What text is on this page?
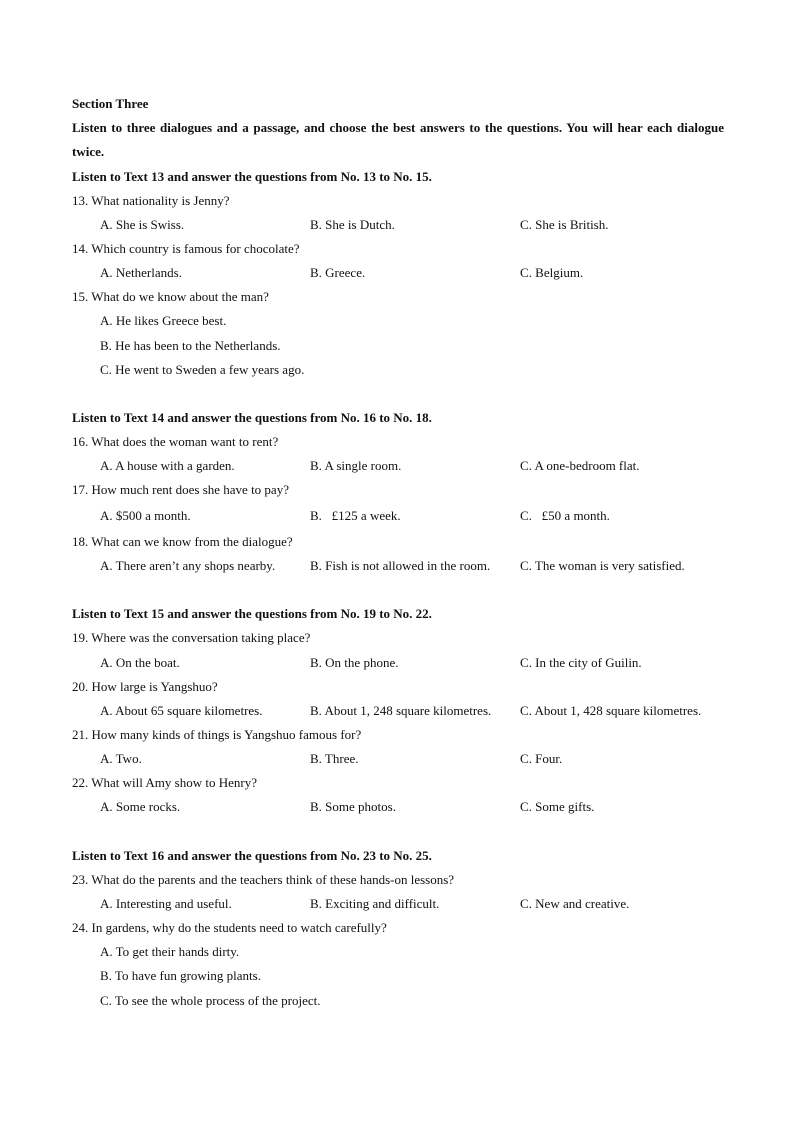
Section Three
Listen to three dialogues and a passage, and choose the best answers to the questions. You will hear each dialogue twice.
Listen to Text 13 and answer the questions from No. 13 to No. 15.
13. What nationality is Jenny?
A. She is Swiss.	B. She is Dutch.	C. She is British.
14. Which country is famous for chocolate?
A. Netherlands.	B. Greece.	C. Belgium.
15. What do we know about the man?
A. He likes Greece best.
B. He has been to the Netherlands.
C. He went to Sweden a few years ago.
Listen to Text 14 and answer the questions from No. 16 to No. 18.
16. What does the woman want to rent?
A. A house with a garden.	B. A single room.	C. A one-bedroom flat.
17. How much rent does she have to pay?
A. $500 a month.	B.   £125 a week.	C.   £50 a month.
18. What can we know from the dialogue?
A. There aren’t any shops nearby.	B. Fish is not allowed in the room. C. The woman is very satisfied.
Listen to Text 15 and answer the questions from No. 19 to No. 22.
19. Where was the conversation taking place?
A. On the boat.	B. On the phone.	C. In the city of Guilin.
20. How large is Yangshuo?
A. About 65 square kilometres.	B. About 1, 248 square kilometres. C. About 1, 428 square kilometres.
21. How many kinds of things is Yangshuo famous for?
A. Two.	B. Three.	C. Four.
22. What will Amy show to Henry?
A. Some rocks.	B. Some photos.	C. Some gifts.
Listen to Text 16 and answer the questions from No. 23 to No. 25.
23. What do the parents and the teachers think of these hands-on lessons?
A. Interesting and useful.	B. Exciting and difficult.	C. New and creative.
24. In gardens, why do the students need to watch carefully?
A. To get their hands dirty.
B. To have fun growing plants.
C. To see the whole process of the project.
